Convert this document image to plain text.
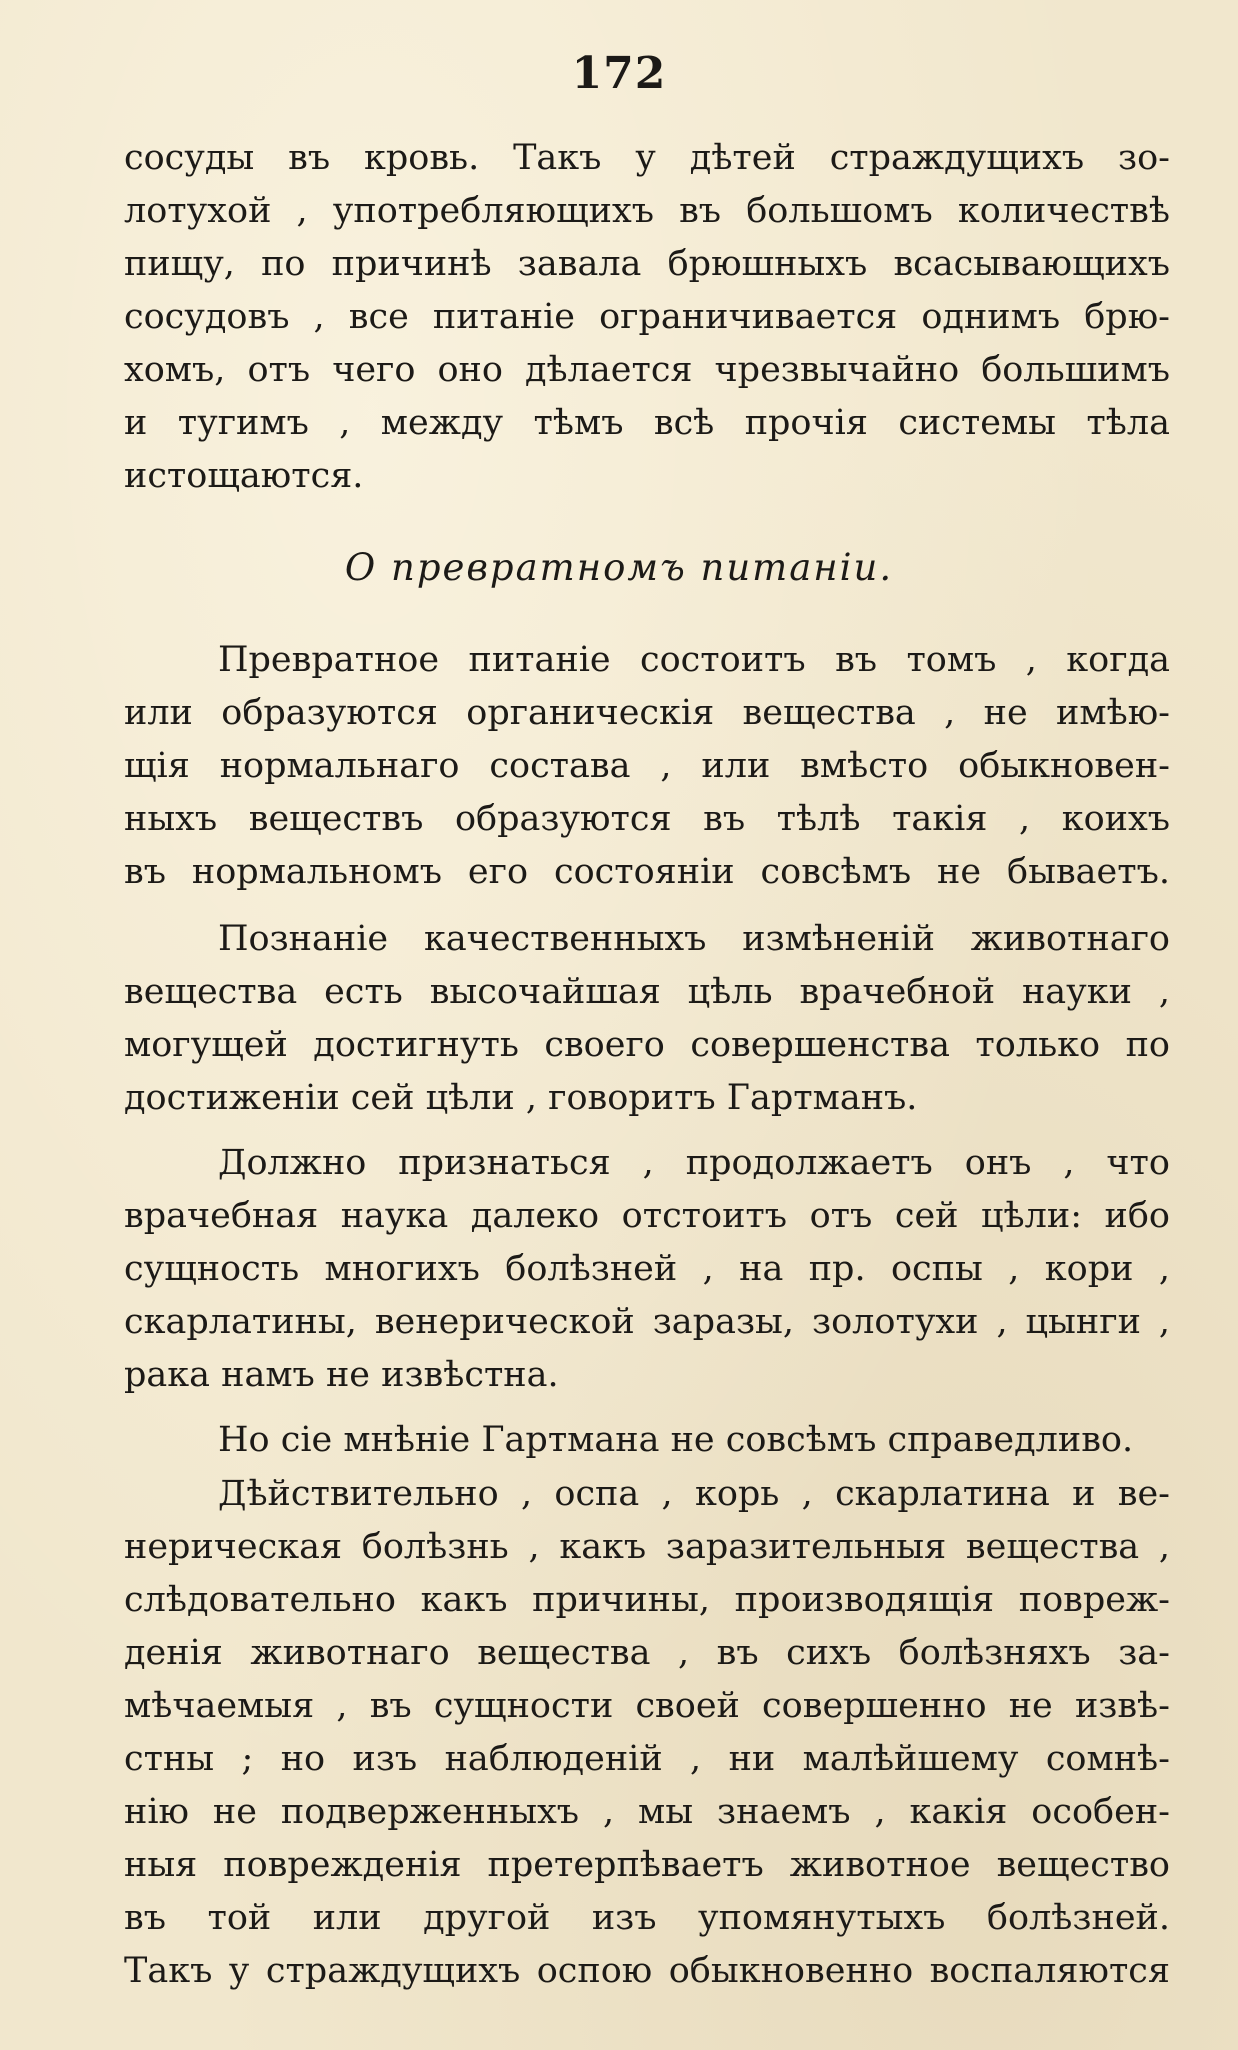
172
сосуды въ кровь. Такъ у дѣтей страждущихъ зо-
лотухой , употребляющихъ въ большомъ количествѣ
пищу, по причинѣ завала брюшныхъ всасывающихъ
сосудовъ , все питаніе ограничивается однимъ брю-
хомъ, отъ чего оно дѣлается чрезвычайно большимъ
и тугимъ , между тѣмъ всѣ прочія системы тѣла
истощаются.
О превратномъ питаніи.
Превратное питаніе состоитъ въ томъ , когда
или образуются органическія вещества , не имѣю-
щія нормальнаго состава , или вмѣсто обыкновен-
ныхъ веществъ образуются въ тѣлѣ такія , коихъ
въ нормальномъ его состояніи совсѣмъ не бываетъ.
Познаніе качественныхъ измѣненій животнаго
вещества есть высочайшая цѣль врачебной науки ,
могущей достигнуть своего совершенства только по
достиженіи сей цѣли , говоритъ Гартманъ.
Должно признаться , продолжаетъ онъ , что
врачебная наука далеко отстоитъ отъ сей цѣли: ибо
сущность многихъ болѣзней , на пр. оспы , кори ,
скарлатины, венерической заразы, золотухи , цынги ,
рака намъ не извѣстна.
Но сіе мнѣніе Гартмана не совсѣмъ справедливо.
Дѣйствительно , оспа , корь , скарлатина и ве-
нерическая болѣзнь , какъ заразительныя вещества ,
слѣдовательно какъ причины, производящія повреж-
денія животнаго вещества , въ сихъ болѣзняхъ за-
мѣчаемыя , въ сущности своей совершенно не извѣ-
стны ; но изъ наблюденій , ни малѣйшему сомнѣ-
нію не подверженныхъ , мы знаемъ , какія особен-
ныя поврежденія претерпѣваетъ животное вещество
въ той или другой изъ упомянутыхъ болѣзней.
Такъ у страждущихъ оспою обыкновенно воспаляются
